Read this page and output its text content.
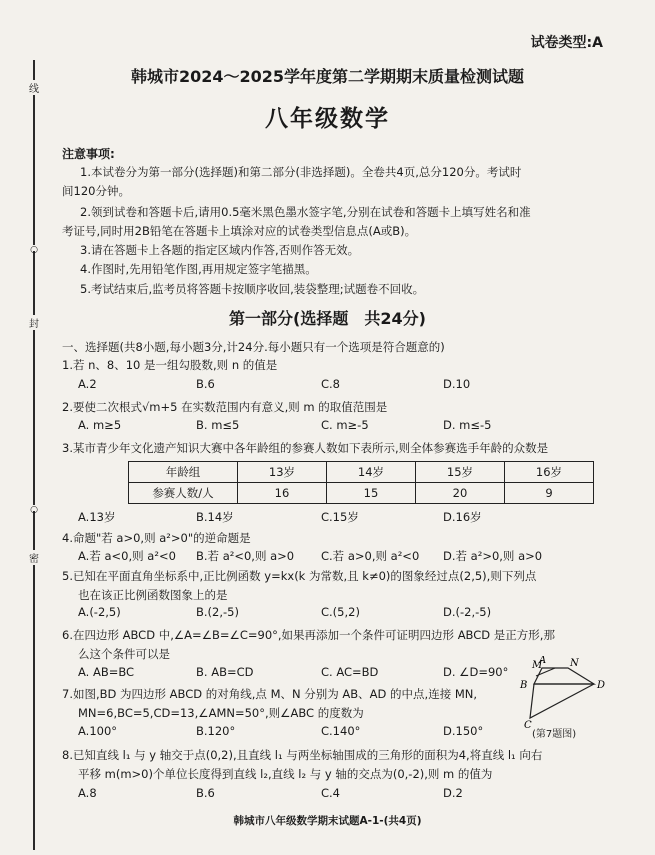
线
○
封
○
密
试卷类型:A
韩城市2024～2025学年度第二学期期末质量检测试题
八年级数学
注意事项:
1.本试卷分为第一部分(选择题)和第二部分(非选择题)。全卷共4页,总分120分。考试时
间120分钟。
2.领到试卷和答题卡后,请用0.5毫米黑色墨水签字笔,分别在试卷和答题卡上填写姓名和准
考证号,同时用2B铅笔在答题卡上填涂对应的试卷类型信息点(A或B)。
3.请在答题卡上各题的指定区域内作答,否则作答无效。
4.作图时,先用铅笔作图,再用规定签字笔描黑。
5.考试结束后,监考员将答题卡按顺序收回,装袋整理;试题卷不回收。
第一部分(选择题　共24分)
一、选择题(共8小题,每小题3分,计24分.每小题只有一个选项是符合题意的)
1.若 n、8、10 是一组勾股数,则 n 的值是
A.2	B.6	C.8	D.10
2.要使二次根式√m+5 在实数范围内有意义,则 m 的取值范围是
A. m≥5	B. m≤5	C. m≥-5	D. m≤-5
3.某市青少年文化遗产知识大赛中各年龄组的参赛人数如下表所示,则全体参赛选手年龄的众数是
年龄组	13岁	14岁	15岁	16岁
参赛人数/人	16	15	20	9
A.13岁	B.14岁	C.15岁	D.16岁
4.命题"若 a>0,则 a²>0"的逆命题是
A.若 a<0,则 a²<0 B.若 a²<0,则 a>0 C.若 a>0,则 a²<0 D.若 a²>0,则 a>0
5.已知在平面直角坐标系中,正比例函数 y=kx(k 为常数,且 k≠0)的图象经过点(2,5),则下列点
也在该正比例函数图象上的是
A.(-2,5)	B.(2,-5)	C.(5,2)	D.(-2,-5)
6.在四边形 ABCD 中,∠A=∠B=∠C=90°,如果再添加一个条件可证明四边形 ABCD 是正方形,那
么这个条件可以是
A. AB=BC	B. AB=CD	C. AC=BD	D. ∠D=90°
7.如图,BD 为四边形 ABCD 的对角线,点 M、N 分别为 AB、AD 的中点,连接 MN,
MN=6,BC=5,CD=13,∠AMN=50°,则∠ABC 的度数为
A.100°	B.120°	C.140°	D.150°
M
A N
B	D
C
(第7题图)
8.已知直线 l₁ 与 y 轴交于点(0,2),且直线 l₁ 与两坐标轴围成的三角形的面积为4,将直线 l₁ 向右
平移 m(m>0)个单位长度得到直线 l₂,直线 l₂ 与 y 轴的交点为(0,-2),则 m 的值为
A.8	B.6	C.4	D.2
韩城市八年级数学期末试题A-1-(共4页)
